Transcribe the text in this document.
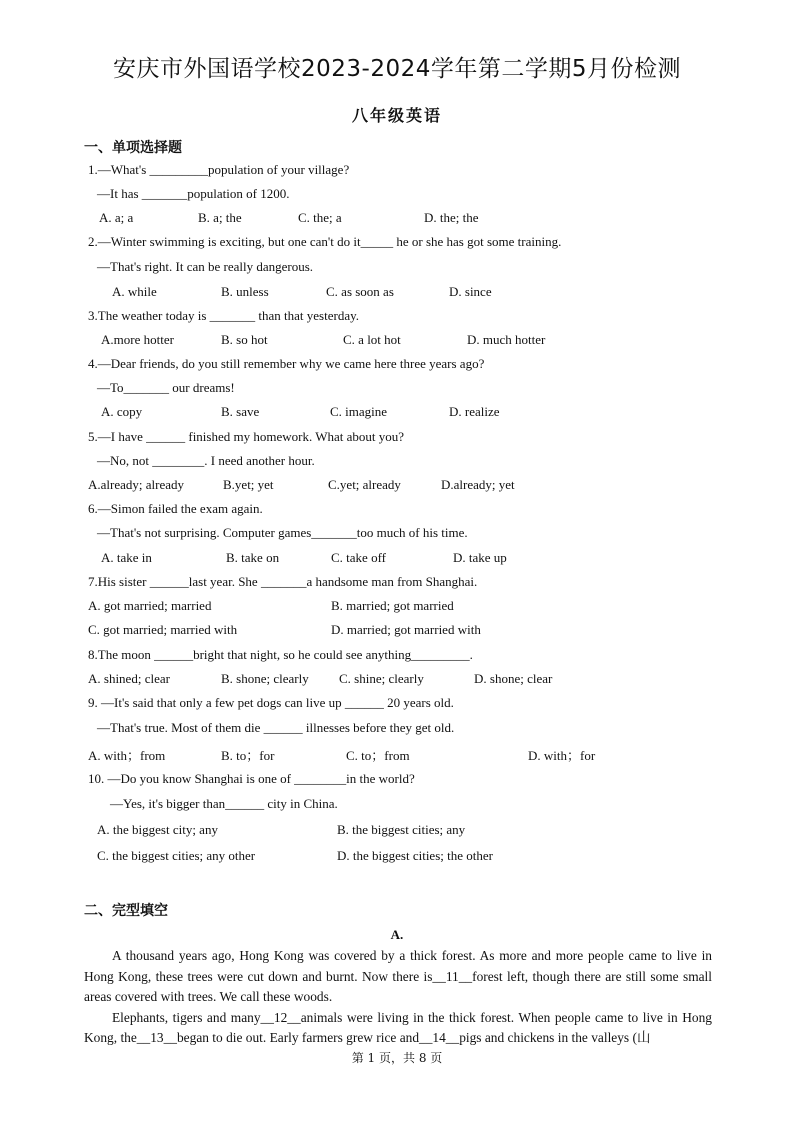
安庆市外国语学校2023-2024学年第二学期5月份检测
八年级英语
一、单项选择题
1.—What's _________population of your village?
—It has _______population of 1200.
A. a; a	B. a; the	C. the; a	D. the; the
2.—Winter swimming is exciting, but one can't do it_____ he or she has got some training.
—That's right. It can be really dangerous.
A. while	B. unless	C. as soon as	D. since
3.The weather today is _______ than that yesterday.
A.more hotter	B. so hot	C. a lot hot	D. much hotter
4.—Dear friends, do you still remember why we came here three years ago?
—To_______ our dreams!
A. copy	B. save	C. imagine	D. realize
5.—I have ______ finished my homework. What about you?
—No, not ________. I need another hour.
A.already; already	B.yet; yet	C.yet; already	D.already; yet
6.—Simon failed the exam again.
—That's not surprising. Computer games_______too much of his time.
A. take in	B. take on	C. take off	D. take up
7.His sister ______last year. She _______a handsome man from Shanghai.
A. got married; married	B. married; got married
C. got married; married with	D. married; got married with
8.The moon ______bright that night, so he could see anything_________.
A. shined; clear	B. shone; clearly C. shine; clearly	D. shone; clear
9. —It's said that only a few pet dogs can live up ______ 20 years old.
—That's true. Most of them die ______ illnesses before they get old.
A. with；from	B. to；for	C. to；from	D. with；for
10. —Do you know Shanghai is one of ________in the world?
—Yes, it's bigger than______ city in China.
A. the biggest city; any	B. the biggest cities; any
C. the biggest cities; any other	D. the biggest cities; the other
二、完型填空
A.

A thousand years ago, Hong Kong was covered by a thick forest. As more and more people came to live in Hong Kong, these trees were cut down and burnt. Now there is__11__forest left, though there are still some small areas covered with trees. We call these woods.

Elephants, tigers and many__12__animals were living in the thick forest. When people came to live in Hong Kong, the__13__began to die out. Early farmers grew rice and__14__pigs and chickens in the valleys (山

第 1 页，共 8 页
